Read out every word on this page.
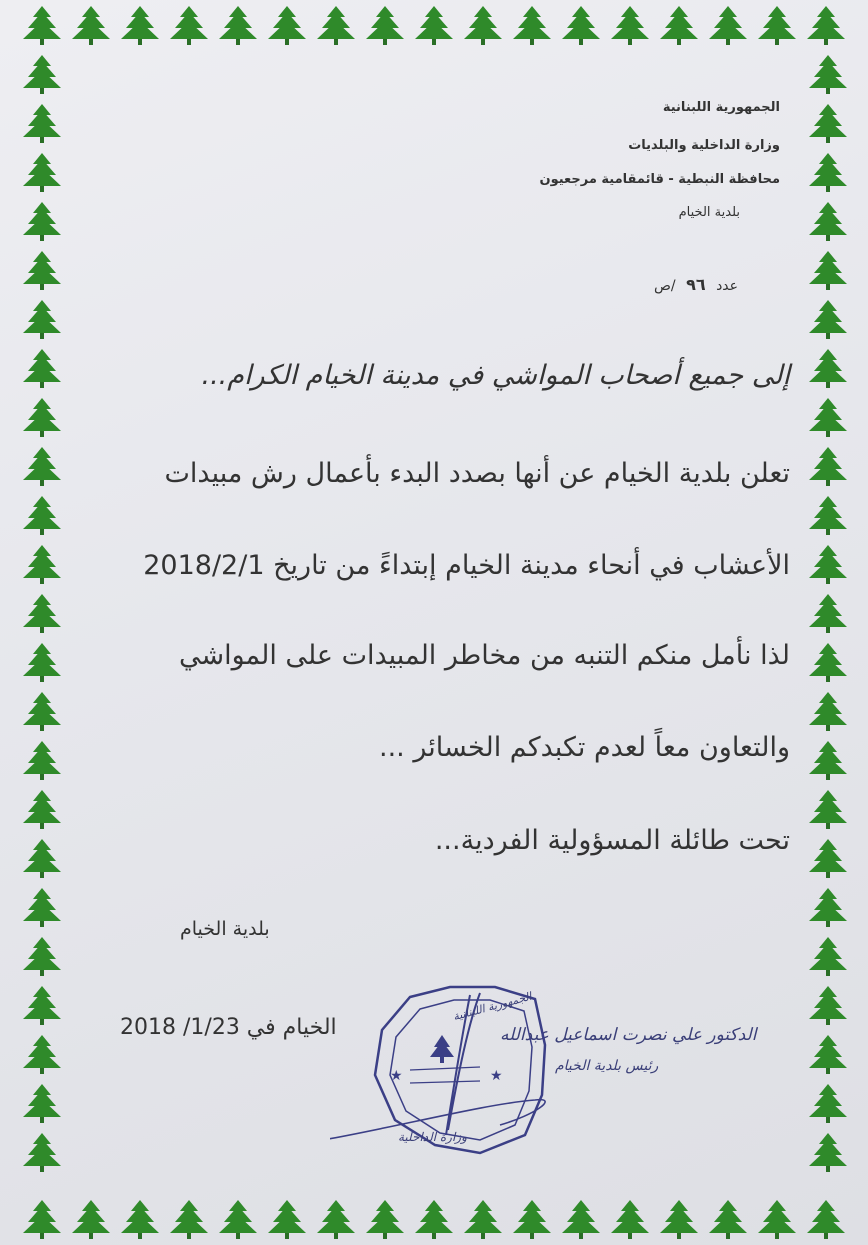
الجمهورية اللبنانية
وزارة الداخلية والبلديات
محافظة النبطية - قائمقامية مرجعيون
بلدية الخيام
عدد ٩٦ /ص
إلى جميع أصحاب المواشي في مدينة الخيام الكرام...
تعلن بلدية الخيام عن أنها بصدد البدء بأعمال رش مبيدات
الأعشاب في أنحاء مدينة الخيام إبتداءً من تاريخ 2018/2/1
لذا نأمل منكم التنبه من مخاطر المبيدات على المواشي
والتعاون معاً لعدم تكبدكم الخسائر ...
تحت طائلة المسؤولية الفردية...
بلدية الخيام
الخيام في 1/23/ 2018	الدكتور علي نصرت اسماعيل عبدالله
رئيس بلدية الخيام
★	★
الجمهورية اللبنانية
وزارة الداخلية
